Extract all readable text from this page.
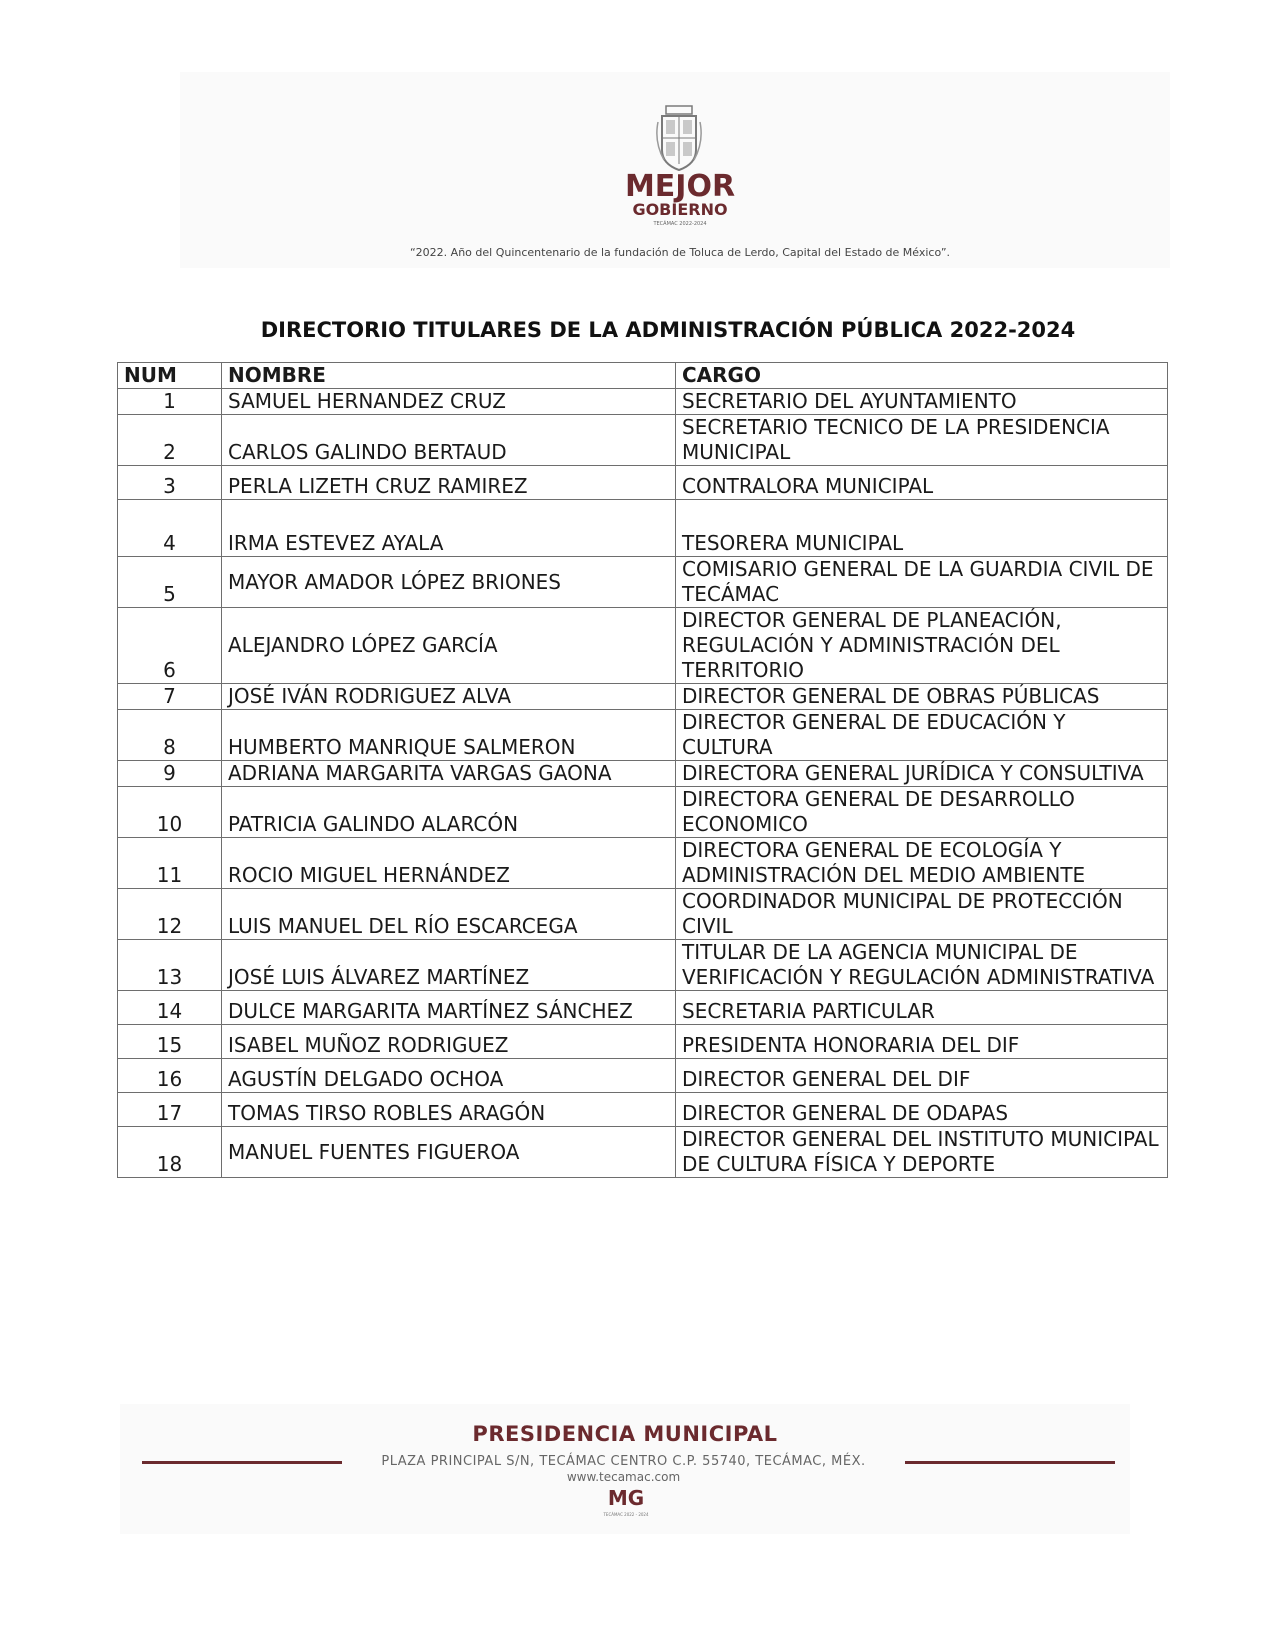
MEJOR
GOBIERNO
TECÁMAC 2022-2024
“2022. Año del Quincentenario de la fundación de Toluca de Lerdo, Capital del Estado de México”.
DIRECTORIO TITULARES DE LA ADMINISTRACIÓN PÚBLICA 2022-2024
NUM	NOMBRE	CARGO
1	SAMUEL HERNANDEZ CRUZ	SECRETARIO DEL AYUNTAMIENTO
2	CARLOS GALINDO BERTAUD	SECRETARIO TECNICO DE LA PRESIDENCIA MUNICIPAL
3	PERLA LIZETH CRUZ RAMIREZ	CONTRALORA MUNICIPAL
4	IRMA ESTEVEZ AYALA	TESORERA MUNICIPAL
5	MAYOR AMADOR LÓPEZ BRIONES	COMISARIO GENERAL DE LA GUARDIA CIVIL DE TECÁMAC
6	ALEJANDRO LÓPEZ GARCÍA	DIRECTOR GENERAL DE PLANEACIÓN, REGULACIÓN Y ADMINISTRACIÓN DEL TERRITORIO
7	JOSÉ IVÁN RODRIGUEZ ALVA	DIRECTOR GENERAL DE OBRAS PÚBLICAS
8	HUMBERTO MANRIQUE SALMERON	DIRECTOR GENERAL DE EDUCACIÓN Y CULTURA
9	ADRIANA MARGARITA VARGAS GAONA	DIRECTORA GENERAL JURÍDICA Y CONSULTIVA
10	PATRICIA GALINDO ALARCÓN	DIRECTORA GENERAL DE DESARROLLO ECONOMICO
11	ROCIO MIGUEL HERNÁNDEZ	DIRECTORA GENERAL DE ECOLOGÍA Y ADMINISTRACIÓN DEL MEDIO AMBIENTE
12	LUIS MANUEL DEL RÍO ESCARCEGA	COORDINADOR MUNICIPAL DE PROTECCIÓN CIVIL
13	JOSÉ LUIS ÁLVAREZ MARTÍNEZ	TITULAR DE LA AGENCIA MUNICIPAL DE VERIFICACIÓN Y REGULACIÓN ADMINISTRATIVA
14	DULCE MARGARITA MARTÍNEZ SÁNCHEZ	SECRETARIA PARTICULAR
15	ISABEL MUÑOZ RODRIGUEZ	PRESIDENTA HONORARIA DEL DIF
16	AGUSTÍN DELGADO OCHOA	DIRECTOR GENERAL DEL DIF
17	TOMAS TIRSO ROBLES ARAGÓN	DIRECTOR GENERAL DE ODAPAS
18	MANUEL FUENTES FIGUEROA	DIRECTOR GENERAL DEL INSTITUTO MUNICIPAL DE CULTURA FÍSICA Y DEPORTE
PRESIDENCIA MUNICIPAL
PLAZA PRINCIPAL S/N, TECÁMAC CENTRO C.P. 55740, TECÁMAC, MÉX.
www.tecamac.com
MG
TECÁMAC 2022 - 2024
